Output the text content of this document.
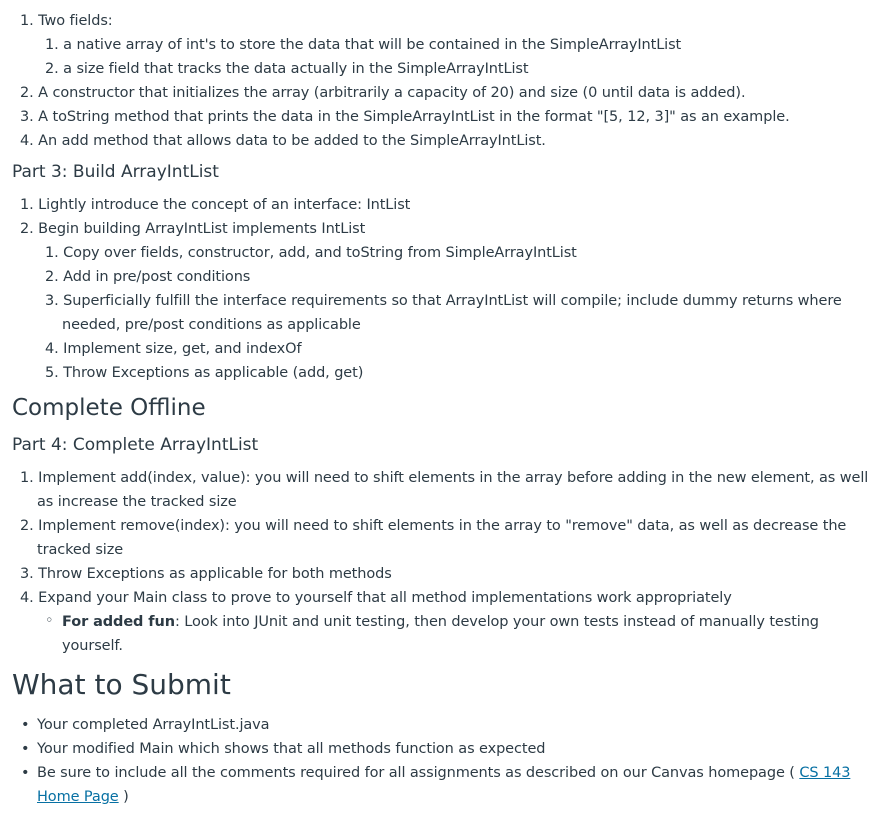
1. Two fields:
1. a native array of int's to store the data that will be contained in the SimpleArrayIntList
2. a size field that tracks the data actually in the SimpleArrayIntList
2. A constructor that initializes the array (arbitrarily a capacity of 20) and size (0 until data is added).
3. A toString method that prints the data in the SimpleArrayIntList in the format "[5, 12, 3]" as an example.
4. An add method that allows data to be added to the SimpleArrayIntList.
Part 3: Build ArrayIntList
1. Lightly introduce the concept of an interface: IntList
2. Begin building ArrayIntList implements IntList
1. Copy over fields, constructor, add, and toString from SimpleArrayIntList
2. Add in pre/post conditions
3. Superficially fulfill the interface requirements so that ArrayIntList will compile; include dummy returns where
needed, pre/post conditions as applicable
4. Implement size, get, and indexOf
5. Throw Exceptions as applicable (add, get)
Complete Offline
Part 4: Complete ArrayIntList
1. Implement add(index, value): you will need to shift elements in the array before adding in the new element, as well
as increase the tracked size
2. Implement remove(index): you will need to shift elements in the array to "remove" data, as well as decrease the
tracked size
3. Throw Exceptions as applicable for both methods
4. Expand your Main class to prove to yourself that all method implementations work appropriately
◦ For added fun: Look into JUnit and unit testing, then develop your own tests instead of manually testing
yourself.
What to Submit
• Your completed ArrayIntList.java
• Your modified Main which shows that all methods function as expected
• Be sure to include all the comments required for all assignments as described on our Canvas homepage ( CS 143
Home Page )
